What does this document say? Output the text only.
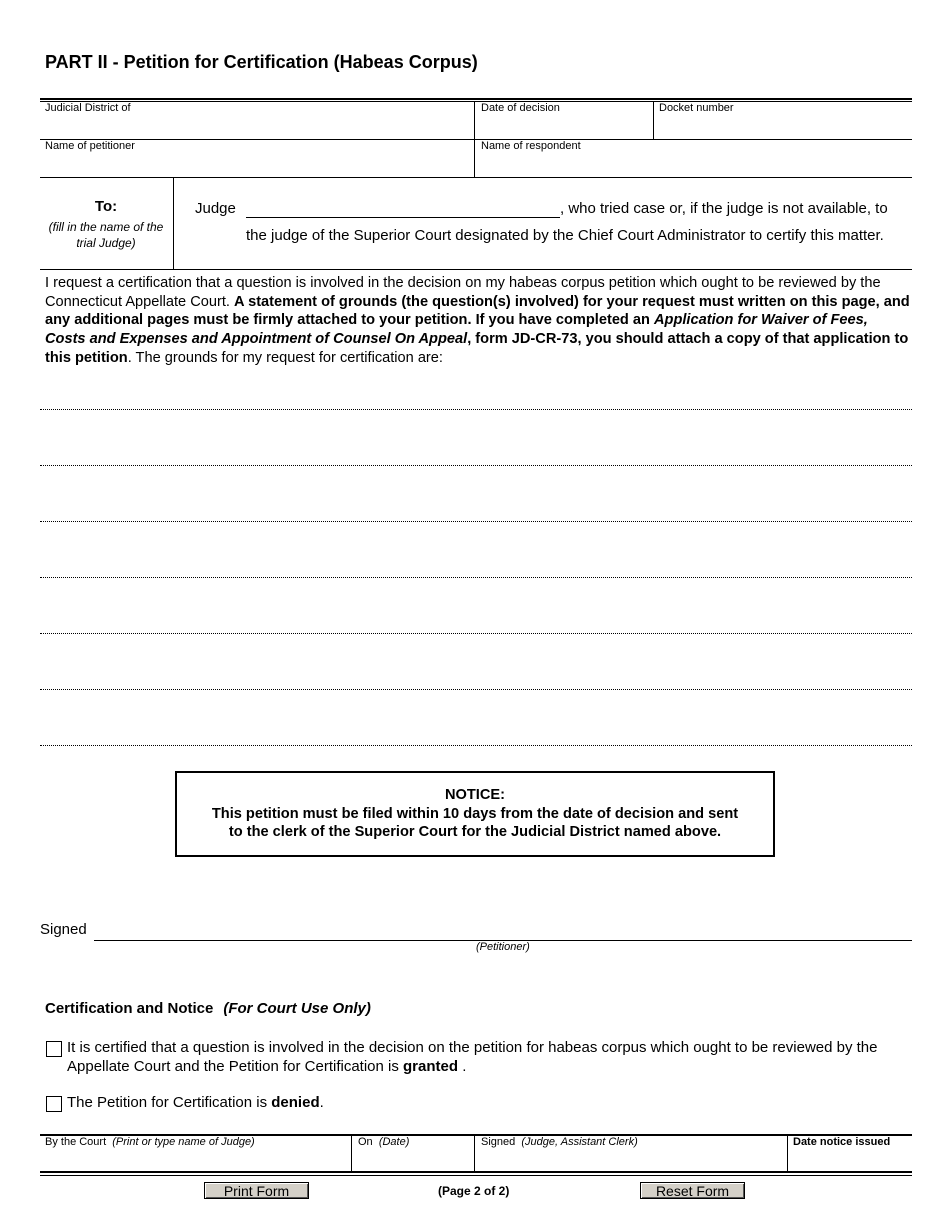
PART II - Petition for Certification (Habeas Corpus)
Judicial District of	Date of decision	Docket number
Name of petitioner	Name of respondent
To:
(fill in the name of the trial Judge)
Judge	, who tried case or, if the judge is not available, to
the judge of the Superior Court designated by the Chief Court Administrator to certify this matter.
I request a certification that a question is involved in the decision on my habeas corpus petition which ought to be reviewed by the Connecticut Appellate Court. A statement of grounds (the question(s) involved) for your request must written on this page, and any additional pages must be firmly attached to your petition. If you have completed an Application for Waiver of Fees, Costs and Expenses and Appointment of Counsel On Appeal, form JD-CR-73, you should attach a copy of that application to this petition. The grounds for my request for certification are:
NOTICE:
This petition must be filed within 10 days from the date of decision and sent
to the clerk of the Superior Court for the Judicial District named above.
Signed
(Petitioner)
Certification and Notice (For Court Use Only)
It is certified that a question is involved in the decision on the petition for habeas corpus which ought to be reviewed by the
Appellate Court and the Petition for Certification is granted .
The Petition for Certification is denied.
By the Court (Print or type name of Judge)	On (Date)	Signed (Judge, Assistant Clerk)	Date notice issued
Print Form	(Page 2 of 2)	Reset Form
